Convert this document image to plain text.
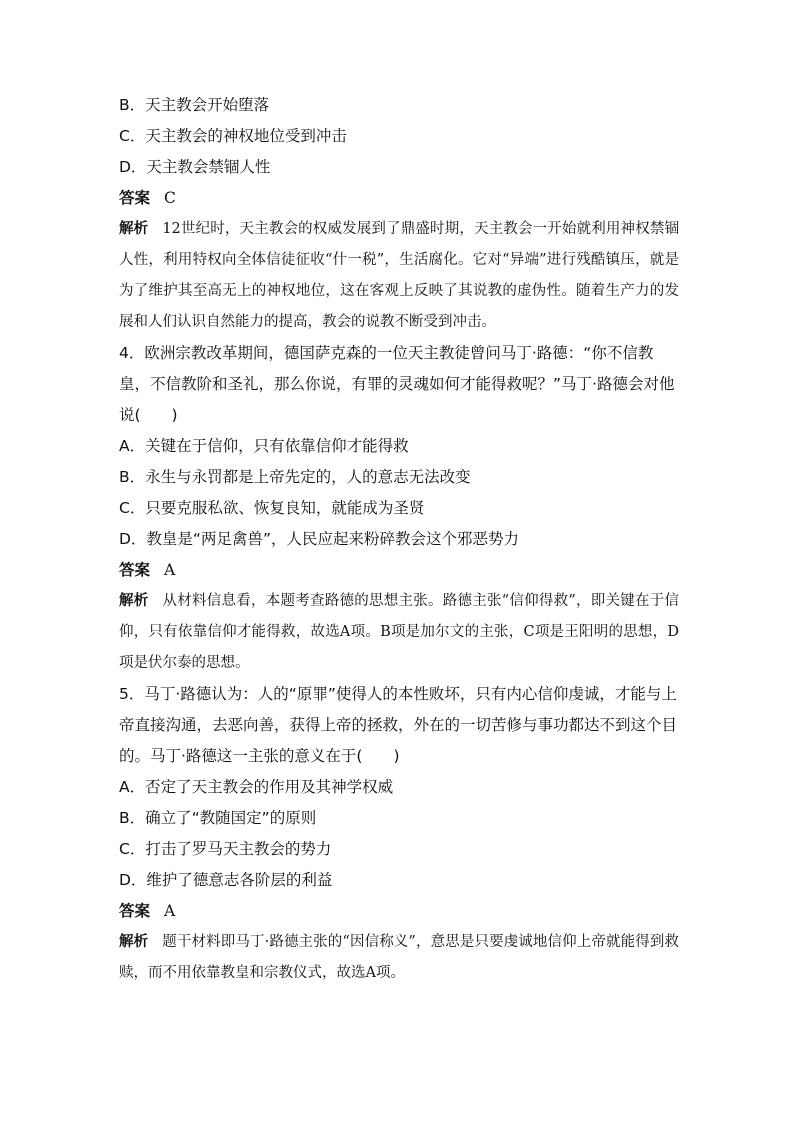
B．天主教会开始堕落
C．天主教会的神权地位受到冲击
D．天主教会禁锢人性
答案 C
解析 12世纪时，天主教会的权威发展到了鼎盛时期，天主教会一开始就利用神权禁锢人性，利用特权向全体信徒征收“什一税”，生活腐化。它对“异端”进行残酷镇压，就是为了维护其至高无上的神权地位，这在客观上反映了其说教的虚伪性。随着生产力的发展和人们认识自然能力的提高，教会的说教不断受到冲击。
4．欧洲宗教改革期间，德国萨克森的一位天主教徒曾问马丁·路德：“你不信教皇，不信教阶和圣礼，那么你说，有罪的灵魂如何才能得救呢？”马丁·路德会对他说(　　)
A．关键在于信仰，只有依靠信仰才能得救
B．永生与永罚都是上帝先定的，人的意志无法改变
C．只要克服私欲、恢复良知，就能成为圣贤
D．教皇是“两足禽兽”，人民应起来粉碎教会这个邪恶势力
答案 A
解析 从材料信息看，本题考查路德的思想主张。路德主张“信仰得救”，即关键在于信仰，只有依靠信仰才能得救，故选A项。B项是加尔文的主张，C项是王阳明的思想，D项是伏尔泰的思想。
5．马丁·路德认为：人的“原罪”使得人的本性败坏，只有内心信仰虔诚，才能与上帝直接沟通，去恶向善，获得上帝的拯救，外在的一切苦修与事功都达不到这个目的。马丁·路德这一主张的意义在于(　　)
A．否定了天主教会的作用及其神学权威
B．确立了“教随国定”的原则
C．打击了罗马天主教会的势力
D．维护了德意志各阶层的利益
答案 A
解析 题干材料即马丁·路德主张的“因信称义”，意思是只要虔诚地信仰上帝就能得到救赎，而不用依靠教皇和宗教仪式，故选A项。
